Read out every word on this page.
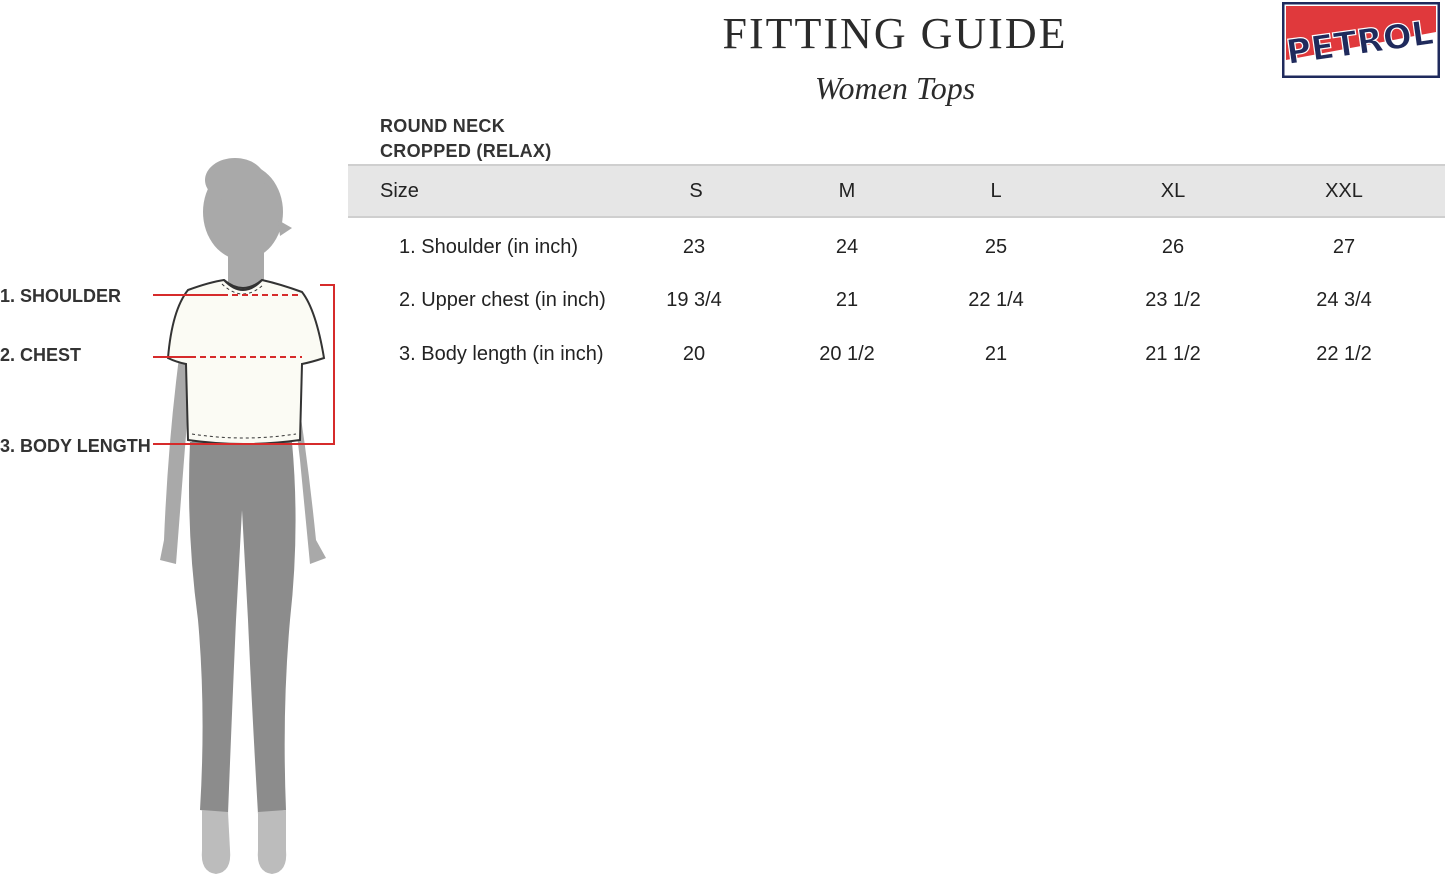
FITTING GUIDE
Women Tops
PETROL
ROUND NECK
CROPPED (RELAX)
Size	S	M	L	XL	XXL
1. Shoulder (in inch)	23	24	25	26	27
2. Upper chest (in inch)	19 3/4	21	22 1/4	23 1/2	24 3/4
3. Body length (in inch)	20	20 1/2	21	21 1/2	22 1/2
1. SHOULDER
2. CHEST
3. BODY LENGTH
